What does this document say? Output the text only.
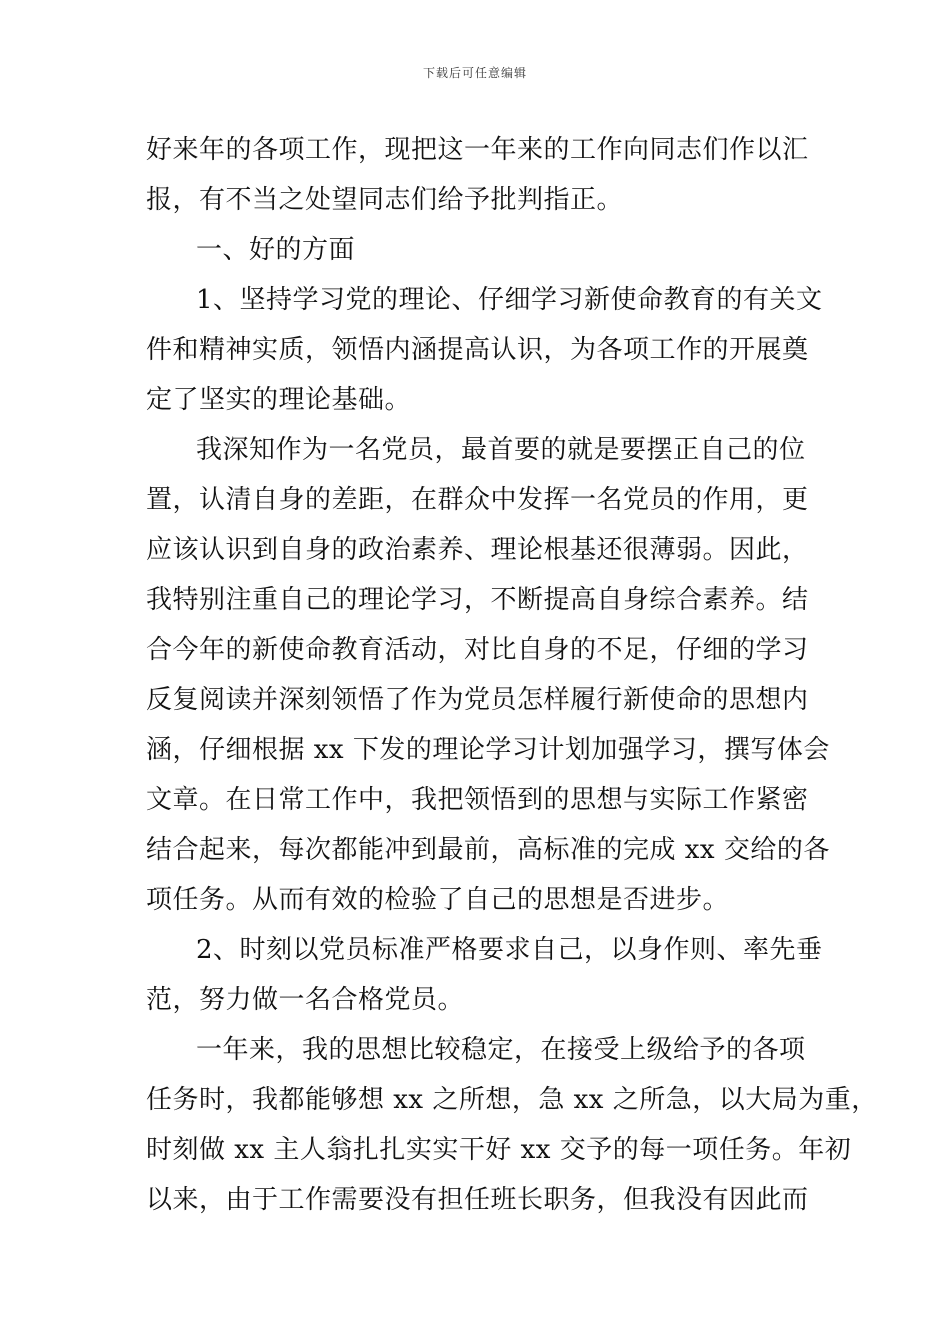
下载后可任意编辑
好来年的各项工作，现把这一年来的工作向同志们作以汇
报，有不当之处望同志们给予批判指正。
一、好的方面
1、坚持学习党的理论、仔细学习新使命教育的有关文
件和精神实质，领悟内涵提高认识，为各项工作的开展奠
定了坚实的理论基础。
我深知作为一名党员，最首要的就是要摆正自己的位
置，认清自身的差距，在群众中发挥一名党员的作用，更
应该认识到自身的政治素养、理论根基还很薄弱。因此，
我特别注重自己的理论学习，不断提高自身综合素养。结
合今年的新使命教育活动，对比自身的不足，仔细的学习
反复阅读并深刻领悟了作为党员怎样履行新使命的思想内
涵，仔细根据 xx 下发的理论学习计划加强学习，撰写体会
文章。在日常工作中，我把领悟到的思想与实际工作紧密
结合起来，每次都能冲到最前，高标准的完成 xx 交给的各
项任务。从而有效的检验了自己的思想是否进步。
2、时刻以党员标准严格要求自己，以身作则、率先垂
范，努力做一名合格党员。
一年来，我的思想比较稳定，在接受上级给予的各项
任务时，我都能够想 xx 之所想，急 xx 之所急，以大局为重，
时刻做 xx 主人翁扎扎实实干好 xx 交予的每一项任务。年初
以来，由于工作需要没有担任班长职务，但我没有因此而
